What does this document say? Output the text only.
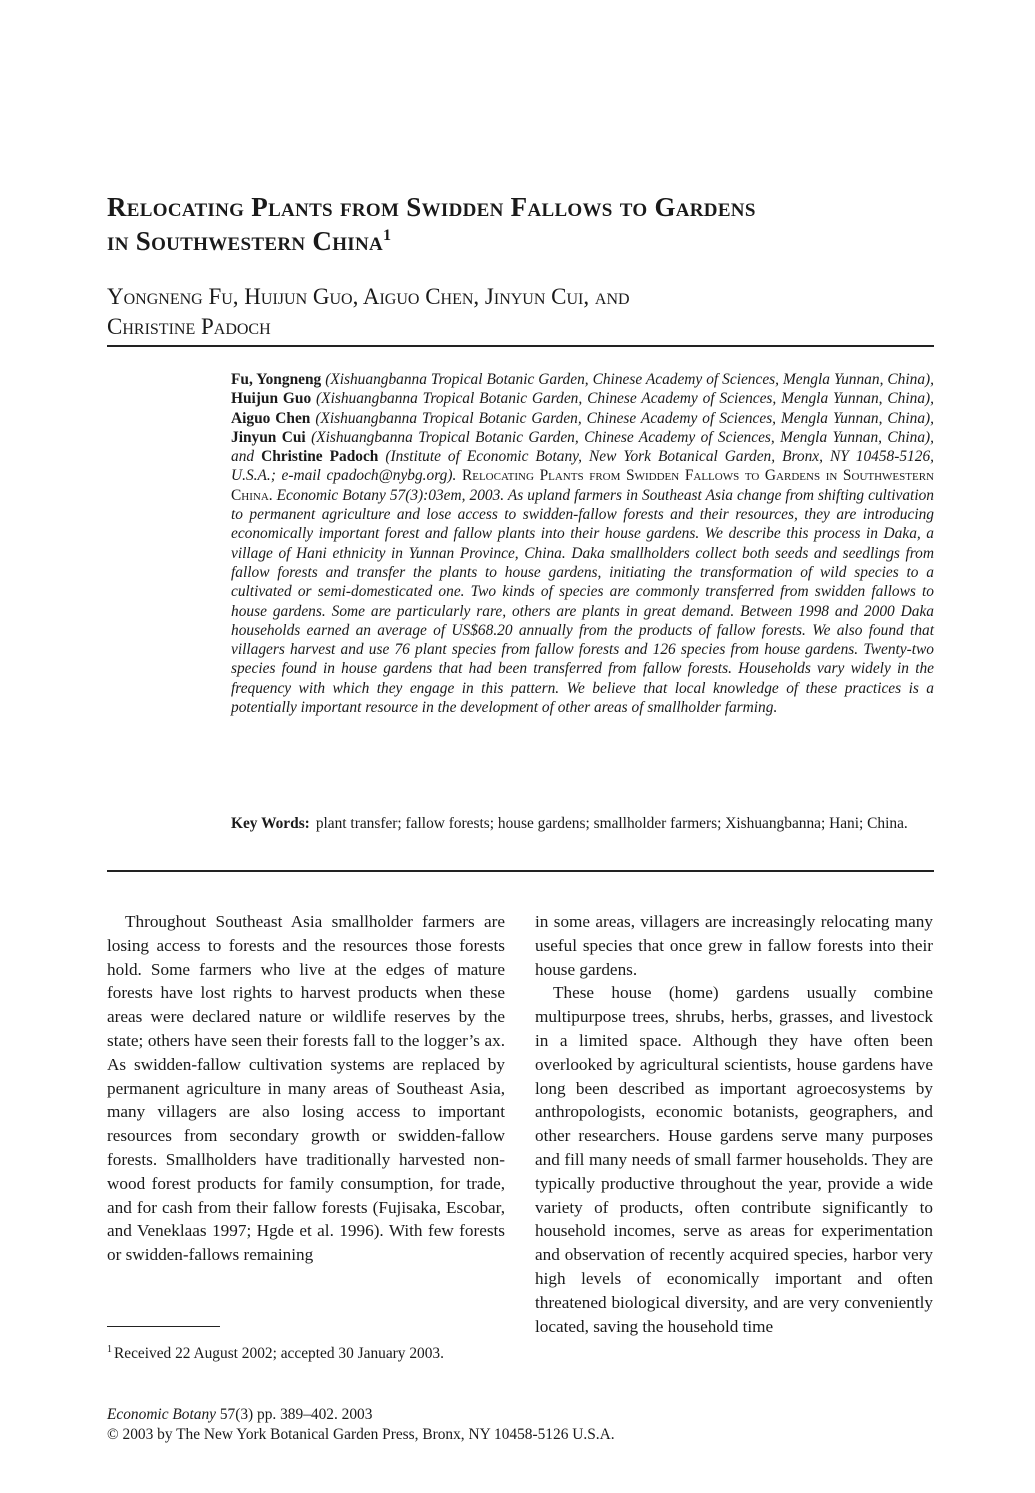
Relocating Plants from Swidden Fallows to Gardens
in Southwestern China$^1$
Yongneng Fu, Huijun Guo, Aiguo Chen, Jinyun Cui, and
Christine Padoch

Fu, Yongneng (Xishuangbanna Tropical Botanic Garden, Chinese Academy of Sciences, Mengla Yunnan, China), Huijun Guo (Xishuangbanna Tropical Botanic Garden, Chinese Academy of Sciences, Mengla Yunnan, China), Aiguo Chen (Xishuangbanna Tropical Botanic Garden, Chinese Academy of Sciences, Mengla Yunnan, China), Jinyun Cui (Xishuangbanna Tropical Botanic Garden, Chinese Academy of Sciences, Mengla Yunnan, China), and Christine Padoch (Institute of Economic Botany, New York Botanical Garden, Bronx, NY 10458-5126, U.S.A.; e-mail cpadoch@nybg.org). Relocating Plants from Swidden Fallows to Gardens in Southwestern China. Economic Botany 57(3):03em, 2003. As upland farmers in Southeast Asia change from shifting cultivation to permanent agriculture and lose access to swidden-fallow forests and their resources, they are introducing economically important forest and fallow plants into their house gardens. We describe this process in Daka, a village of Hani ethnicity in Yunnan Province, China. Daka smallholders collect both seeds and seedlings from fallow forests and transfer the plants to house gardens, initiating the transformation of wild species to a cultivated or semi-domesticated one. Two kinds of species are commonly transferred from swidden fallows to house gardens. Some are particularly rare, others are plants in great demand. Between 1998 and 2000 Daka households earned an average of US$68.20 annually from the products of fallow forests. We also found that villagers harvest and use 76 plant species from fallow forests and 126 species from house gardens. Twenty-two species found in house gardens that had been transferred from fallow forests. Households vary widely in the frequency with which they engage in this pattern. We believe that local knowledge of these practices is a potentially important resource in the development of other areas of smallholder farming.

Key Words: plant transfer; fallow forests; house gardens; smallholder farmers; Xishuangbanna; Hani; China.

Throughout Southeast Asia smallholder farmers are losing access to forests and the resources those forests hold. Some farmers who live at the edges of mature forests have lost rights to harvest products when these areas were declared nature or wildlife reserves by the state; others have seen their forests fall to the logger’s ax. As swidden-fallow cultivation systems are replaced by permanent agriculture in many areas of Southeast Asia, many villagers are also losing access to important resources from secondary growth or swidden-fallow forests. Smallholders have traditionally harvested non-wood forest products for family consumption, for trade, and for cash from their fallow forests (Fujisaka, Escobar, and Veneklaas 1997; Hgde et al. 1996). With few forests or swidden-fallows remaining

in some areas, villagers are increasingly relocating many useful species that once grew in fallow forests into their house gardens.

These house (home) gardens usually combine multipurpose trees, shrubs, herbs, grasses, and livestock in a limited space. Although they have often been overlooked by agricultural scientists, house gardens have long been described as important agroecosystems by anthropologists, economic botanists, geographers, and other researchers. House gardens serve many purposes and fill many needs of small farmer households. They are typically productive throughout the year, provide a wide variety of products, often contribute significantly to household incomes, serve as areas for experimentation and observation of recently acquired species, harbor very high levels of economically important and often threatened biological diversity, and are very conveniently located, saving the household time

$^1$ Received 22 August 2002; accepted 30 January 2003.

Economic Botany 57(3) pp. 389–402. 2003
© 2003 by The New York Botanical Garden Press, Bronx, NY 10458-5126 U.S.A.
